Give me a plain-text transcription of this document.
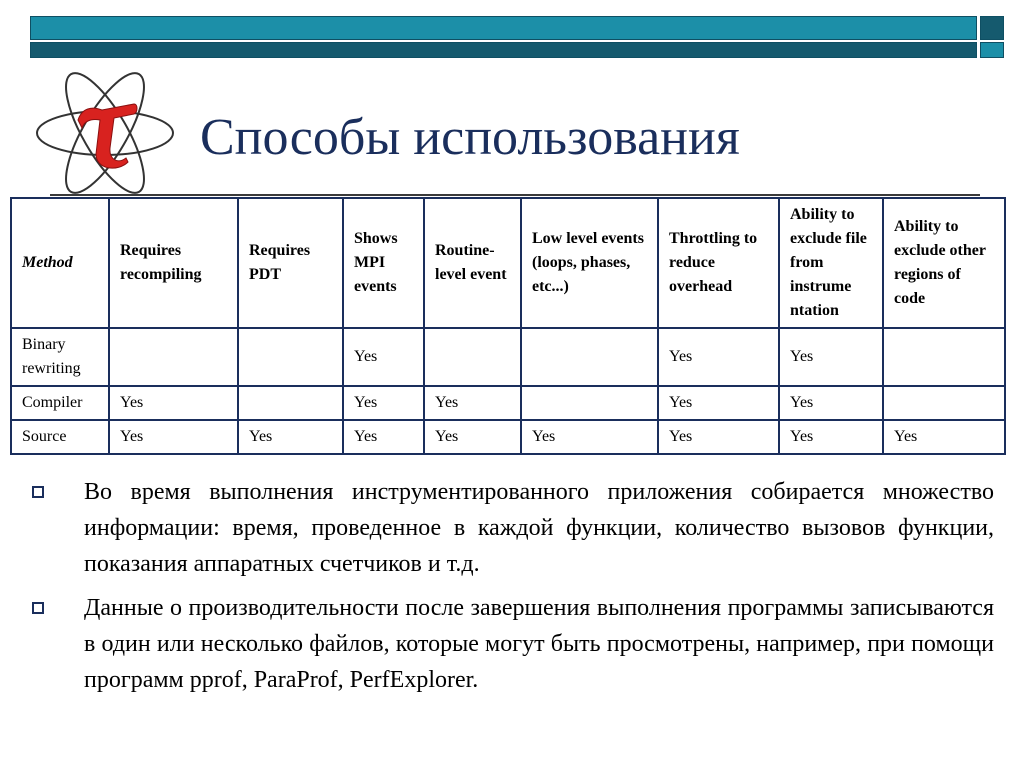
Способы использования
Method	Requires recompiling	Requires PDT	Shows MPI events	Routine-level event	Low level events (loops, phases, etc...)	Throttling to reduce overhead	Ability to exclude file from instrume ntation	Ability to exclude other regions of code
Binary rewriting			Yes			Yes	Yes	
Compiler	Yes		Yes	Yes		Yes	Yes	
Source	Yes	Yes	Yes	Yes	Yes	Yes	Yes	Yes
Во время выполнения инструментированного приложения собирается множество информации: время, проведенное в каждой функции, количество вызовов функции, показания аппаратных счетчиков и т.д.
Данные о производительности после завершения выполнения программы записываются в один или несколько файлов, которые могут быть просмотрены, например, при помощи программ pprof, ParaProf, PerfExplorer.
